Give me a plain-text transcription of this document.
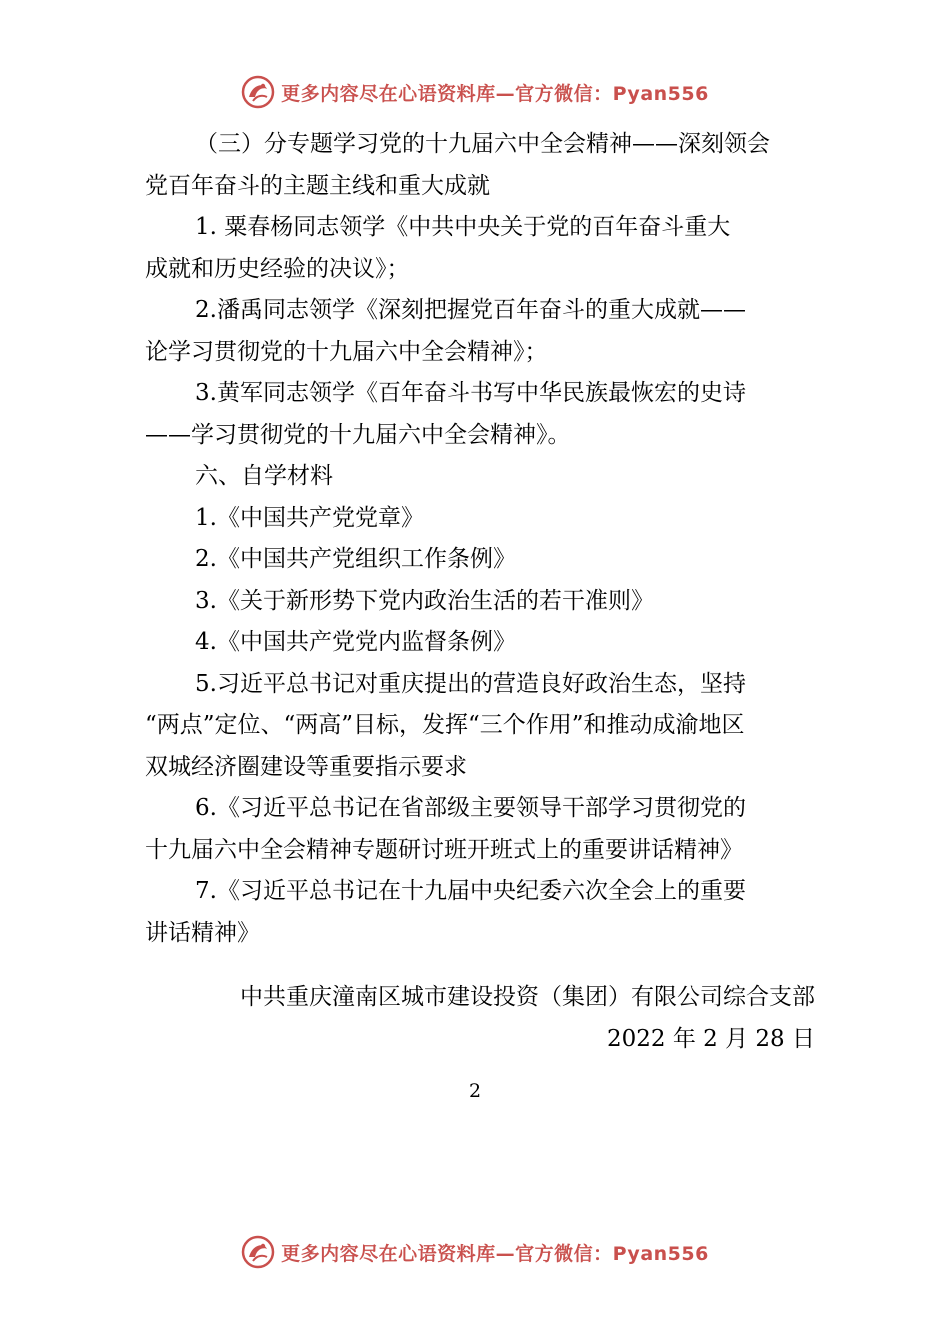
更多内容尽在心语资料库—官方微信：Pyan556
（三）分专题学习党的十九届六中全会精神——深刻领会
党百年奋斗的主题主线和重大成就
1. 粟春杨同志领学《中共中央关于党的百年奋斗重大
成就和历史经验的决议》；
2.潘禹同志领学《深刻把握党百年奋斗的重大成就——
论学习贯彻党的十九届六中全会精神》；
3.黄军同志领学《百年奋斗书写中华民族最恢宏的史诗
——学习贯彻党的十九届六中全会精神》。
六、自学材料
1.《中国共产党党章》
2.《中国共产党组织工作条例》
3.《关于新形势下党内政治生活的若干准则》
4.《中国共产党党内监督条例》
5.习近平总书记对重庆提出的营造良好政治生态，坚持
“两点”定位、“两高”目标，发挥“三个作用”和推动成渝地区
双城经济圈建设等重要指示要求
6.《习近平总书记在省部级主要领导干部学习贯彻党的
十九届六中全会精神专题研讨班开班式上的重要讲话精神》
7.《习近平总书记在十九届中央纪委六次全会上的重要
讲话精神》
中共重庆潼南区城市建设投资（集团）有限公司综合支部
2022 年 2 月 28 日
2
更多内容尽在心语资料库—官方微信：Pyan556
